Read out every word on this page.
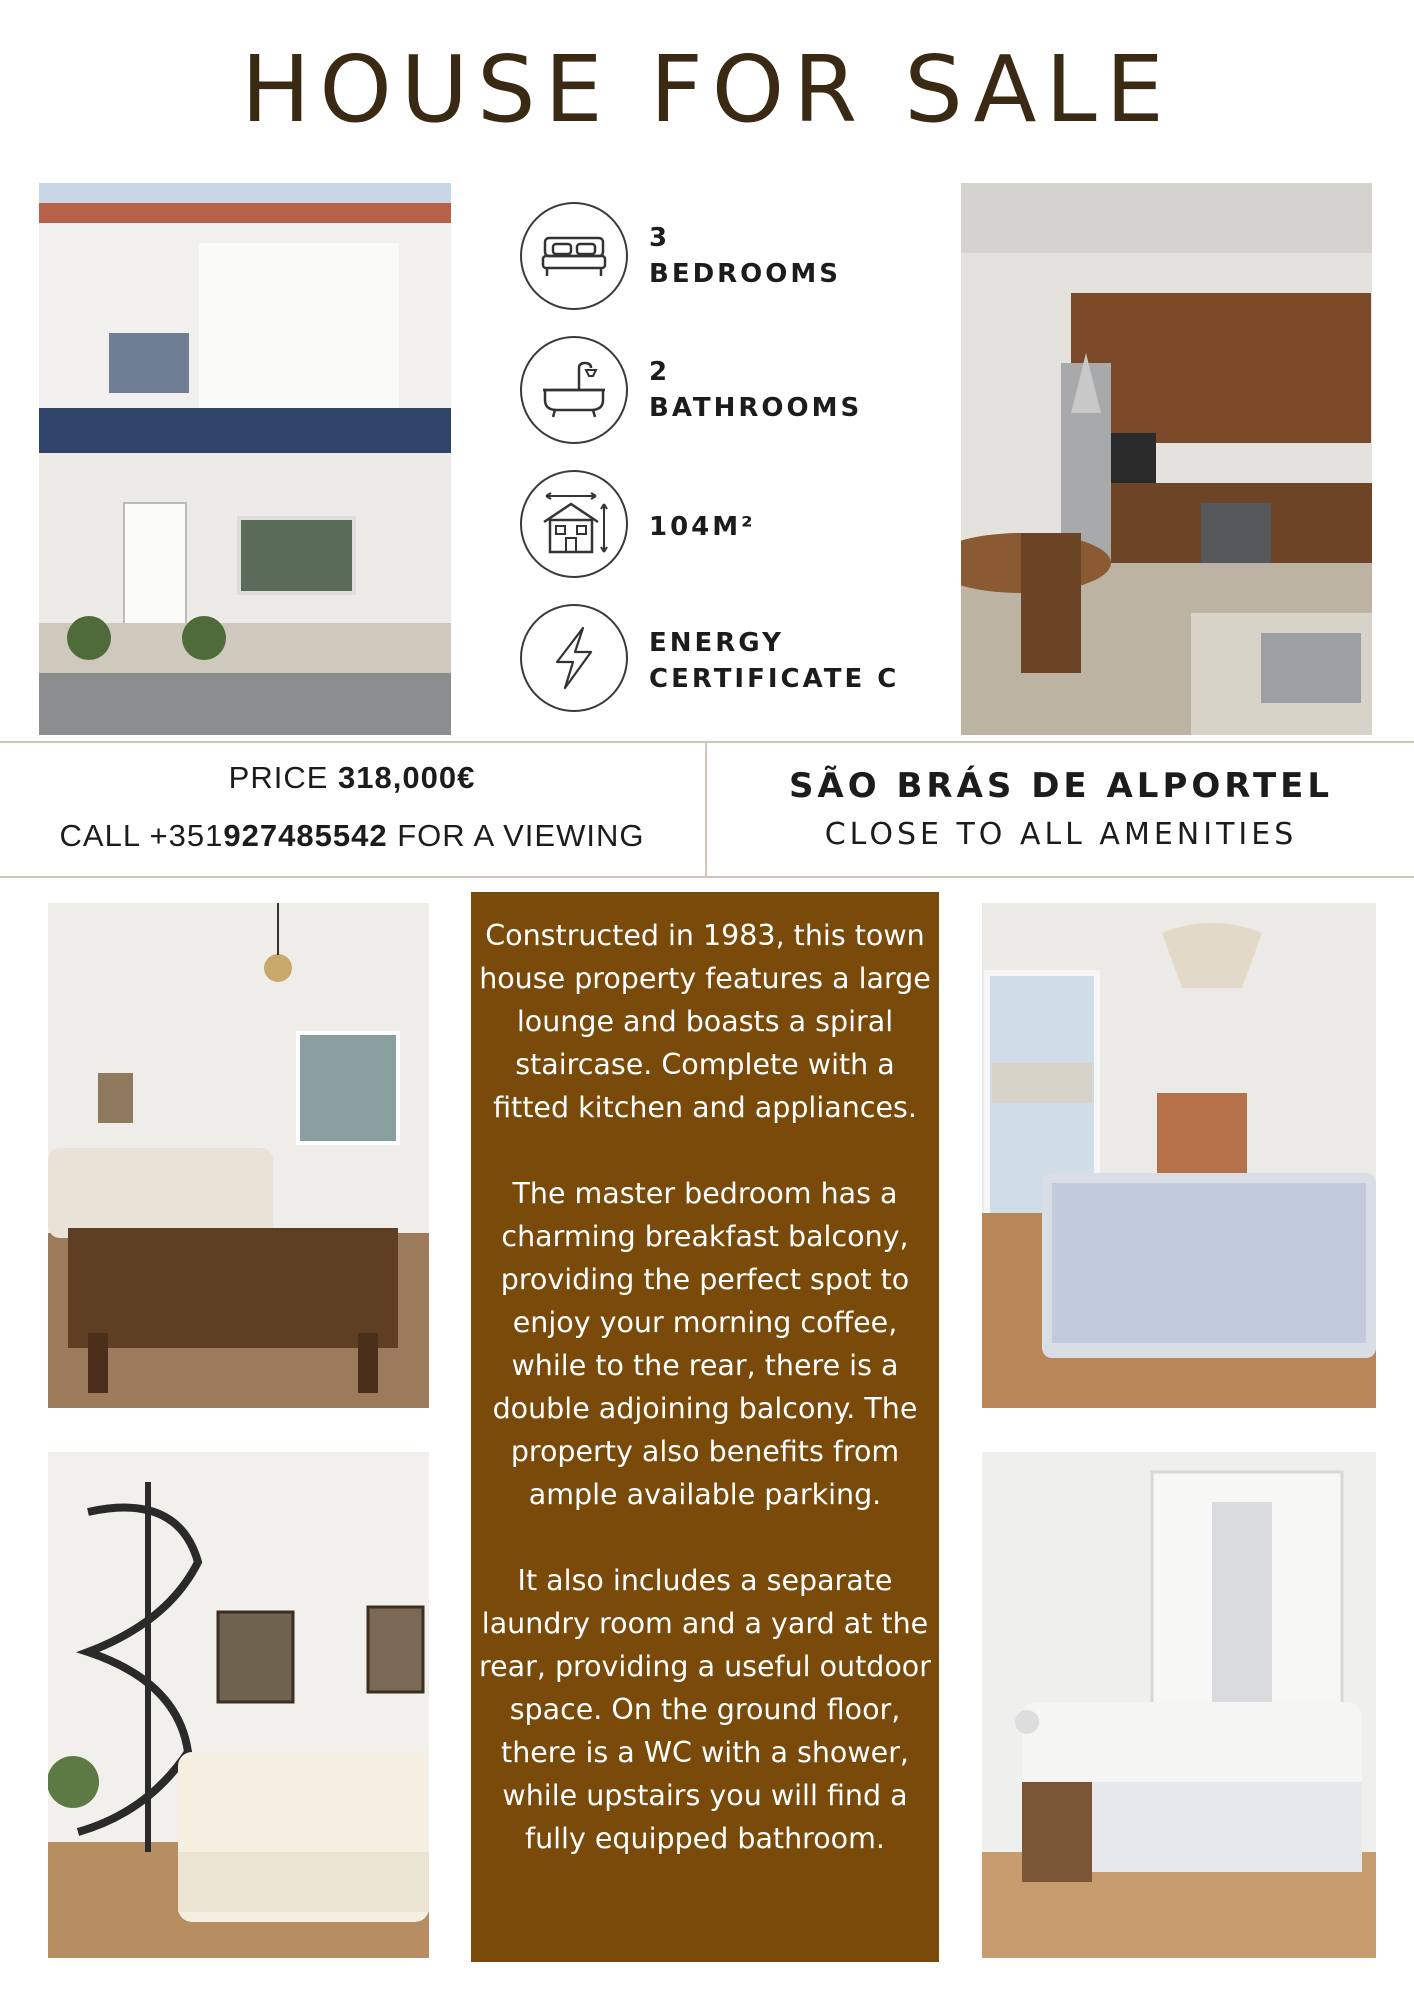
HOUSE FOR SALE
3
BEDROOMS
2
BATHROOMS
104M²
ENERGY
CERTIFICATE C
PRICE 318,000€
CALL +351927485542 FOR A VIEWING
SÃO BRÁS DE ALPORTEL
CLOSE TO ALL AMENITIES

Constructed in 1983, this town house property features a large lounge and boasts a spiral staircase. Complete with a fitted kitchen and appliances.

The master bedroom has a charming breakfast balcony, providing the perfect spot to enjoy your morning coffee, while to the rear, there is a double adjoining balcony. The property also benefits from ample available parking.

It also includes a separate laundry room and a yard at the rear, providing a useful outdoor space. On the ground floor, there is a WC with a shower, while upstairs you will find a fully equipped bathroom.
